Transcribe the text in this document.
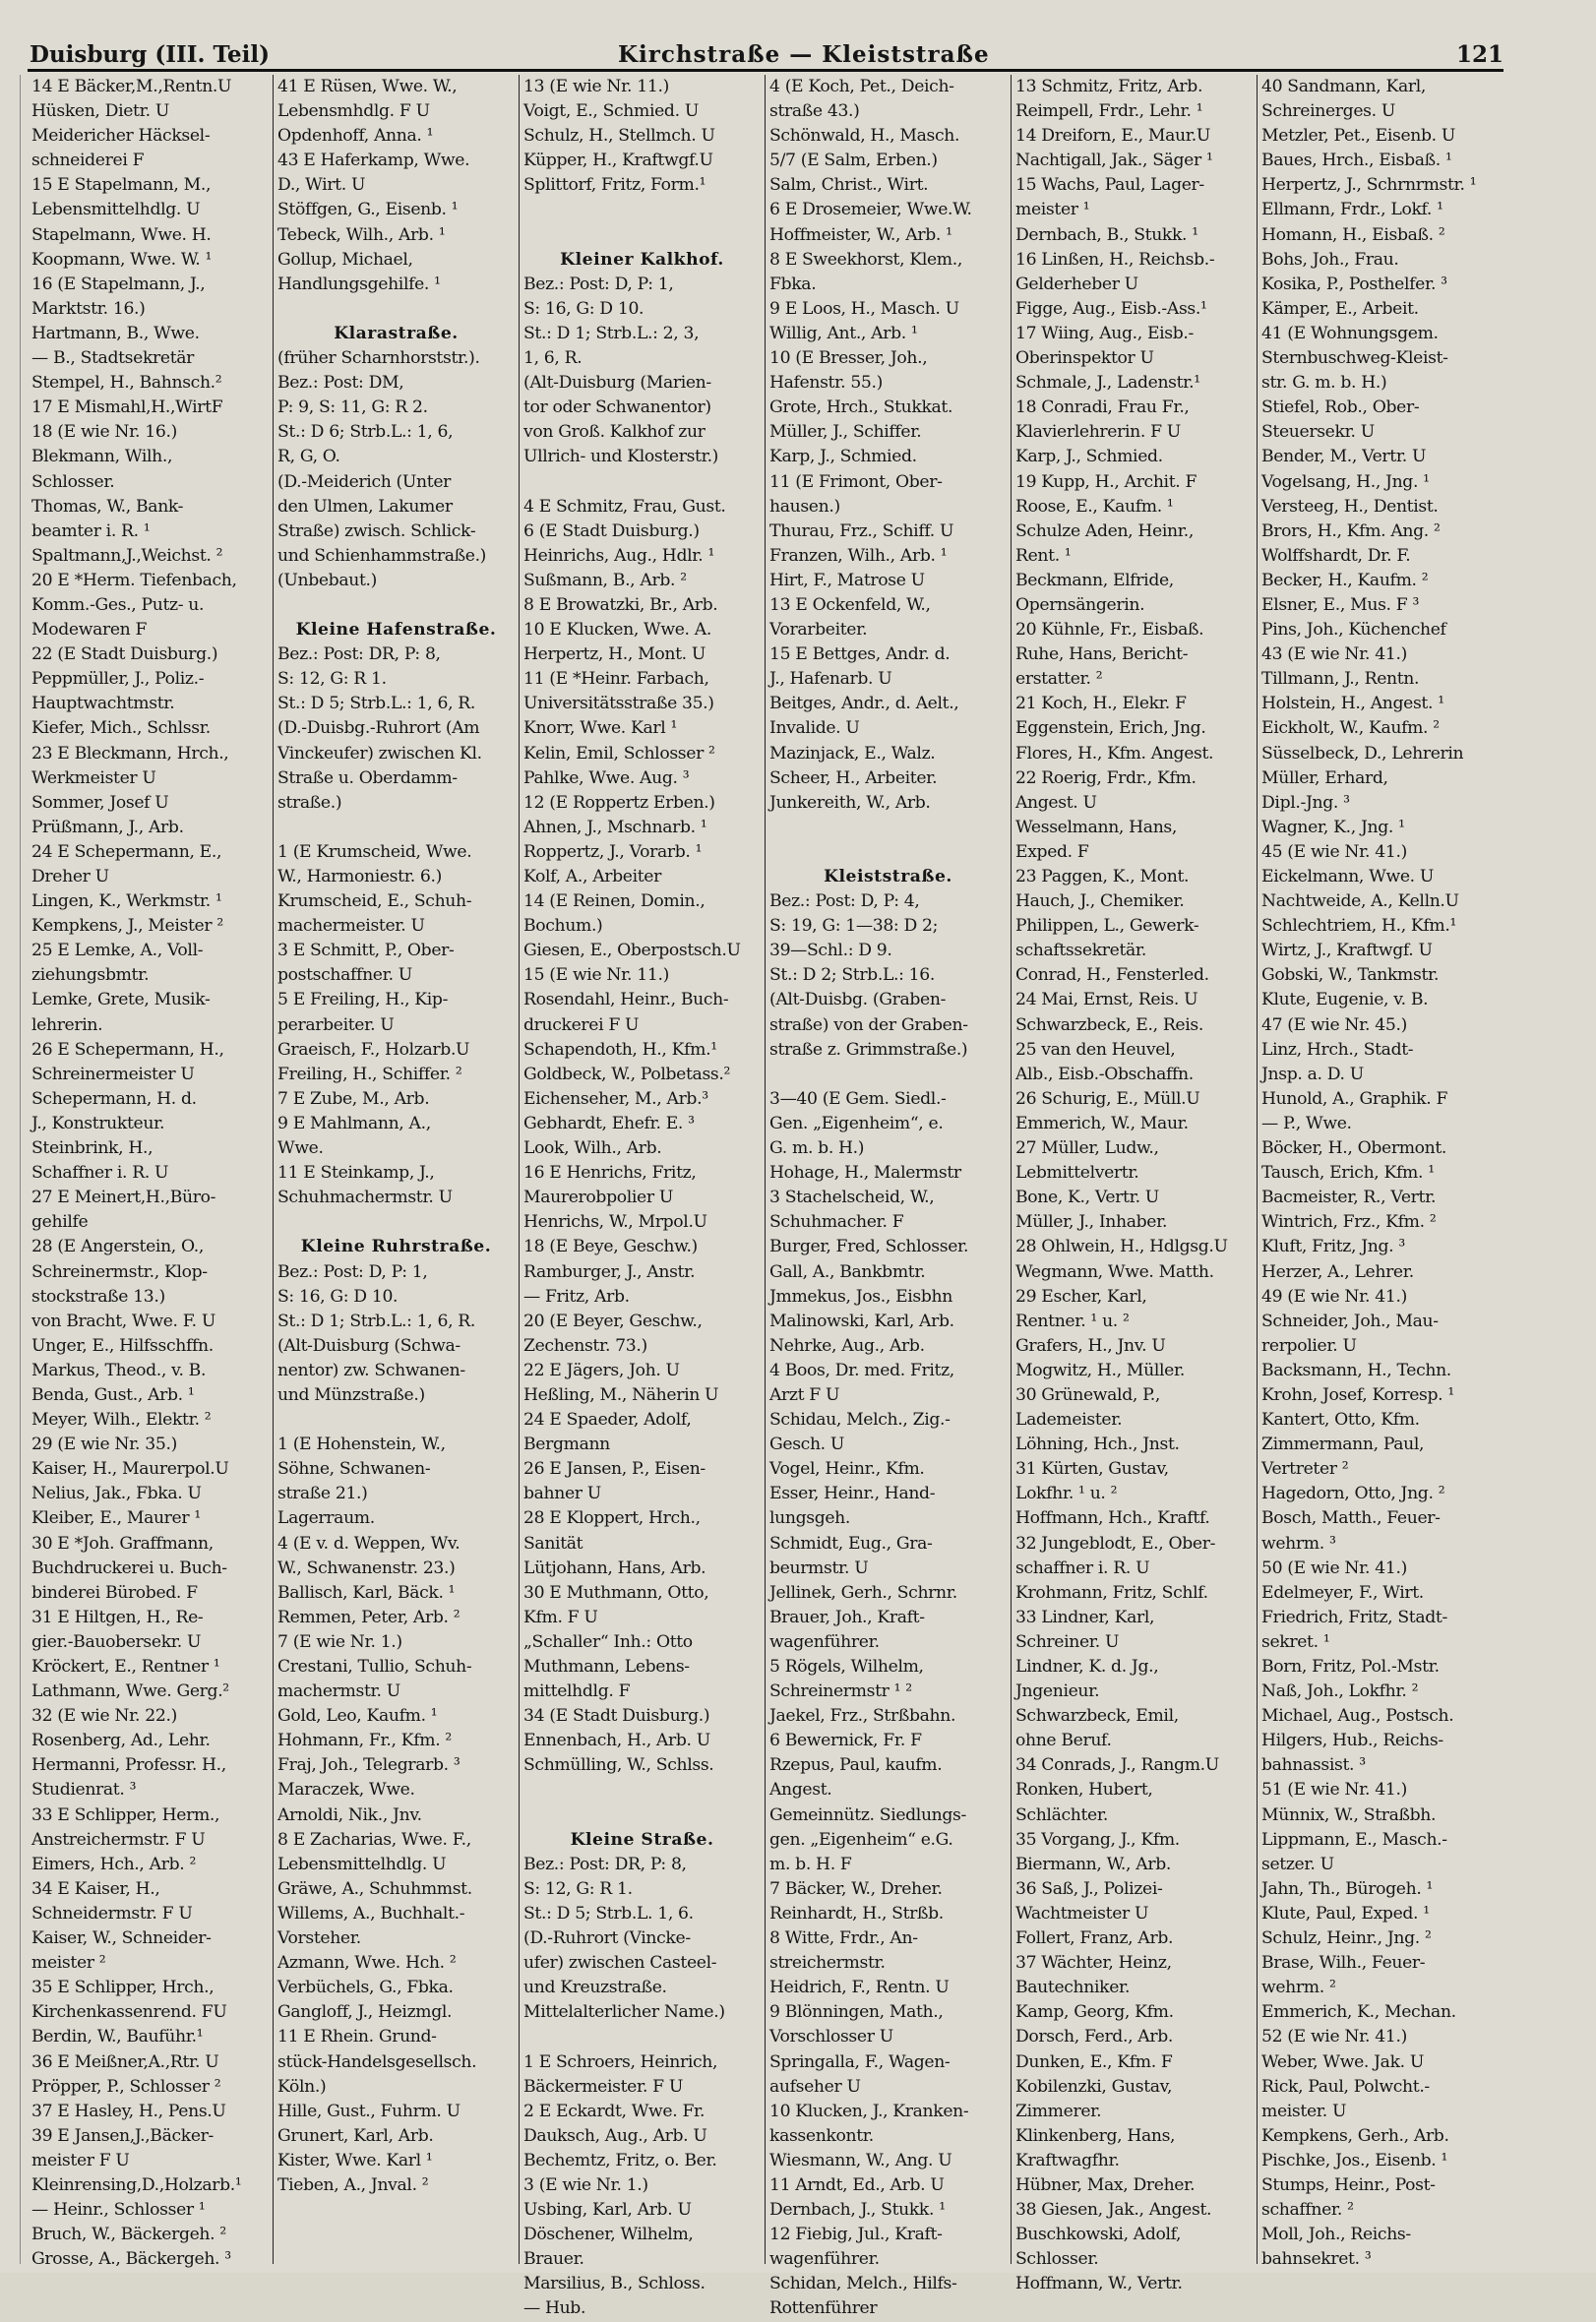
Duisburg (III. Teil)	Kirchstraße — Kleiststraße	121
14 E Bäcker,M.,Rentn.U
Hüsken, Dietr. U
Meidericher Häcksel-
schneiderei F
15 E Stapelmann, M.,
Lebensmittelhdlg. U
Stapelmann, Wwe. H.
Koopmann, Wwe. W. ¹
16 (E Stapelmann, J.,
Marktstr. 16.)
Hartmann, B., Wwe.
— B., Stadtsekretär
Stempel, H., Bahnsch.²
17 E Mismahl,H.,WirtF
18 (E wie Nr. 16.)
Blekmann, Wilh.,
Schlosser.
Thomas, W., Bank-
beamter i. R. ¹
Spaltmann,J.,Weichst. ²
20 E *Herm. Tiefenbach,
Komm.-Ges., Putz- u.
Modewaren F
22 (E Stadt Duisburg.)
Peppmüller, J., Poliz.-
Hauptwachtmstr.
Kiefer, Mich., Schlssr.
23 E Bleckmann, Hrch.,
Werkmeister U
Sommer, Josef U
Prüßmann, J., Arb.
24 E Schepermann, E.,
Dreher U
Lingen, K., Werkmstr. ¹
Kempkens, J., Meister ²
25 E Lemke, A., Voll-
ziehungsbmtr.
Lemke, Grete, Musik-
lehrerin.
26 E Schepermann, H.,
Schreinermeister U
Schepermann, H. d.
J., Konstrukteur.
Steinbrink, H.,
Schaffner i. R. U
27 E Meinert,H.,Büro-
gehilfe
28 (E Angerstein, O.,
Schreinermstr., Klop-
stockstraße 13.)
von Bracht, Wwe. F. U
Unger, E., Hilfsschffn.
Markus, Theod., v. B.
Benda, Gust., Arb. ¹
Meyer, Wilh., Elektr. ²
29 (E wie Nr. 35.)
Kaiser, H., Maurerpol.U
Nelius, Jak., Fbka. U
Kleiber, E., Maurer ¹
30 E *Joh. Graffmann,
Buchdruckerei u. Buch-
binderei Bürobed. F
31 E Hiltgen, H., Re-
gier.-Bauobersekr. U
Kröckert, E., Rentner ¹
Lathmann, Wwe. Gerg.²
32 (E wie Nr. 22.)
Rosenberg, Ad., Lehr.
Hermanni, Professr. H.,
Studienrat. ³
33 E Schlipper, Herm.,
Anstreichermstr. F U
Eimers, Hch., Arb. ²
34 E Kaiser, H.,
Schneidermstr. F U
Kaiser, W., Schneider-
meister ²
35 E Schlipper, Hrch.,
Kirchenkassenrend. FU
Berdin, W., Bauführ.¹
36 E Meißner,A.,Rtr. U
Pröpper, P., Schlosser ²
37 E Hasley, H., Pens.U
39 E Jansen,J.,Bäcker-
meister F U
Kleinrensing,D.,Holzarb.¹
— Heinr., Schlosser ¹
Bruch, W., Bäckergeh. ²
Grosse, A., Bäckergeh. ³
41 E Rüsen, Wwe. W.,
Lebensmhdlg. F U
Opdenhoff, Anna. ¹
43 E Haferkamp, Wwe.
D., Wirt. U
Stöffgen, G., Eisenb. ¹
Tebeck, Wilh., Arb. ¹
Gollup, Michael,
Handlungsgehilfe. ¹
Klarastraße.
(früher Scharnhorststr.).
Bez.: Post: DM,
P: 9, S: 11, G: R 2.
St.: D 6; Strb.L.: 1, 6,
R, G, O.
(D.-Meiderich (Unter
den Ulmen, Lakumer
Straße) zwisch. Schlick-
und Schienhammstraße.)
(Unbebaut.)
Kleine Hafenstraße.
Bez.: Post: DR, P: 8,
S: 12, G: R 1.
St.: D 5; Strb.L.: 1, 6, R.
(D.-Duisbg.-Ruhrort (Am
Vinckeufer) zwischen Kl.
Straße u. Oberdamm-
straße.)
1 (E Krumscheid, Wwe.
W., Harmoniestr. 6.)
Krumscheid, E., Schuh-
machermeister. U
3 E Schmitt, P., Ober-
postschaffner. U
5 E Freiling, H., Kip-
perarbeiter. U
Graeisch, F., Holzarb.U
Freiling, H., Schiffer. ²
7 E Zube, M., Arb.
9 E Mahlmann, A.,
Wwe.
11 E Steinkamp, J.,
Schuhmachermstr. U
Kleine Ruhrstraße.
Bez.: Post: D, P: 1,
S: 16, G: D 10.
St.: D 1; Strb.L.: 1, 6, R.
(Alt-Duisburg (Schwa-
nentor) zw. Schwanen-
und Münzstraße.)
1 (E Hohenstein, W.,
Söhne, Schwanen-
straße 21.)
Lagerraum.
4 (E v. d. Weppen, Wv.
W., Schwanenstr. 23.)
Ballisch, Karl, Bäck. ¹
Remmen, Peter, Arb. ²
7 (E wie Nr. 1.)
Crestani, Tullio, Schuh-
machermstr. U
Gold, Leo, Kaufm. ¹
Hohmann, Fr., Kfm. ²
Fraj, Joh., Telegrarb. ³
Maraczek, Wwe.
Arnoldi, Nik., Jnv.
8 E Zacharias, Wwe. F.,
Lebensmittelhdlg. U
Gräwe, A., Schuhmmst.
Willems, A., Buchhalt.-
Vorsteher.
Azmann, Wwe. Hch. ²
Verbüchels, G., Fbka.
Gangloff, J., Heizmgl.
11 E Rhein. Grund-
stück-Handelsgesellsch.
Köln.)
Hille, Gust., Fuhrm. U
Grunert, Karl, Arb.
Kister, Wwe. Karl ¹
Tieben, A., Jnval. ²
13 (E wie Nr. 11.)
Voigt, E., Schmied. U
Schulz, H., Stellmch. U
Küpper, H., Kraftwgf.U
Splittorf, Fritz, Form.¹
Kleiner Kalkhof.
Bez.: Post: D, P: 1,
S: 16, G: D 10.
St.: D 1; Strb.L.: 2, 3,
1, 6, R.
(Alt-Duisburg (Marien-
tor oder Schwanentor)
von Groß. Kalkhof zur
Ullrich- und Klosterstr.)
4 E Schmitz, Frau, Gust.
6 (E Stadt Duisburg.)
Heinrichs, Aug., Hdlr. ¹
Sußmann, B., Arb. ²
8 E Browatzki, Br., Arb.
10 E Klucken, Wwe. A.
Herpertz, H., Mont. U
11 (E *Heinr. Farbach,
Universitätsstraße 35.)
Knorr, Wwe. Karl ¹
Kelin, Emil, Schlosser ²
Pahlke, Wwe. Aug. ³
12 (E Roppertz Erben.)
Ahnen, J., Mschnarb. ¹
Roppertz, J., Vorarb. ¹
Kolf, A., Arbeiter
14 (E Reinen, Domin.,
Bochum.)
Giesen, E., Oberpostsch.U
15 (E wie Nr. 11.)
Rosendahl, Heinr., Buch-
druckerei F U
Schapendoth, H., Kfm.¹
Goldbeck, W., Polbetass.²
Eichenseher, M., Arb.³
Gebhardt, Ehefr. E. ³
Look, Wilh., Arb.
16 E Henrichs, Fritz,
Maurerobpolier U
Henrichs, W., Mrpol.U
18 (E Beye, Geschw.)
Ramburger, J., Anstr.
— Fritz, Arb.
20 (E Beyer, Geschw.,
Zechenstr. 73.)
22 E Jägers, Joh. U
Heßling, M., Näherin U
24 E Spaeder, Adolf,
Bergmann
26 E Jansen, P., Eisen-
bahner U
28 E Kloppert, Hrch.,
Sanität
Lütjohann, Hans, Arb.
30 E Muthmann, Otto,
Kfm. F U
„Schaller“ Inh.: Otto
Muthmann, Lebens-
mittelhdlg. F
34 (E Stadt Duisburg.)
Ennenbach, H., Arb. U
Schmülling, W., Schlss.
Kleine Straße.
Bez.: Post: DR, P: 8,
S: 12, G: R 1.
St.: D 5; Strb.L. 1, 6.
(D.-Ruhrort (Vincke-
ufer) zwischen Casteel-
und Kreuzstraße.
Mittelalterlicher Name.)
1 E Schroers, Heinrich,
Bäckermeister. F U
2 E Eckardt, Wwe. Fr.
Dauksch, Aug., Arb. U
Bechemtz, Fritz, o. Ber.
3 (E wie Nr. 1.)
Usbing, Karl, Arb. U
Döschener, Wilhelm,
Brauer.
Marsilius, B., Schloss.
— Hub.
4 (E Koch, Pet., Deich-
straße 43.)
Schönwald, H., Masch.
5/7 (E Salm, Erben.)
Salm, Christ., Wirt.
6 E Drosemeier, Wwe.W.
Hoffmeister, W., Arb. ¹
8 E Sweekhorst, Klem.,
Fbka.
9 E Loos, H., Masch. U
Willig, Ant., Arb. ¹
10 (E Bresser, Joh.,
Hafenstr. 55.)
Grote, Hrch., Stukkat.
Müller, J., Schiffer.
Karp, J., Schmied.
11 (E Frimont, Ober-
hausen.)
Thurau, Frz., Schiff. U
Franzen, Wilh., Arb. ¹
Hirt, F., Matrose U
13 E Ockenfeld, W.,
Vorarbeiter.
15 E Bettges, Andr. d.
J., Hafenarb. U
Beitges, Andr., d. Aelt.,
Invalide. U
Mazinjack, E., Walz.
Scheer, H., Arbeiter.
Junkereith, W., Arb.
Kleiststraße.
Bez.: Post: D, P: 4,
S: 19, G: 1—38: D 2;
39—Schl.: D 9.
St.: D 2; Strb.L.: 16.
(Alt-Duisbg. (Graben-
straße) von der Graben-
straße z. Grimmstraße.)
3—40 (E Gem. Siedl.-
Gen. „Eigenheim“, e.
G. m. b. H.)
Hohage, H., Malermstr
3 Stachelscheid, W.,
Schuhmacher. F
Burger, Fred, Schlosser.
Gall, A., Bankbmtr.
Jmmekus, Jos., Eisbhn
Malinowski, Karl, Arb.
Nehrke, Aug., Arb.
4 Boos, Dr. med. Fritz,
Arzt F U
Schidau, Melch., Zig.-
Gesch. U
Vogel, Heinr., Kfm.
Esser, Heinr., Hand-
lungsgeh.
Schmidt, Eug., Gra-
beurmstr. U
Jellinek, Gerh., Schrnr.
Brauer, Joh., Kraft-
wagenführer.
5 Rögels, Wilhelm,
Schreinermstr ¹ ²
Jaekel, Frz., Strßbahn.
6 Bewernick, Fr. F
Rzepus, Paul, kaufm.
Angest.
Gemeinnütz. Siedlungs-
gen. „Eigenheim“ e.G.
m. b. H. F
7 Bäcker, W., Dreher.
Reinhardt, H., Strßb.
8 Witte, Frdr., An-
streichermstr.
Heidrich, F., Rentn. U
9 Blönningen, Math.,
Vorschlosser U
Springalla, F., Wagen-
aufseher U
10 Klucken, J., Kranken-
kassenkontr.
Wiesmann, W., Ang. U
11 Arndt, Ed., Arb. U
Dernbach, J., Stukk. ¹
12 Fiebig, Jul., Kraft-
wagenführer.
Schidan, Melch., Hilfs-
Rottenführer
13 Schmitz, Fritz, Arb.
Reimpell, Frdr., Lehr. ¹
14 Dreiforn, E., Maur.U
Nachtigall, Jak., Säger ¹
15 Wachs, Paul, Lager-
meister ¹
Dernbach, B., Stukk. ¹
16 Linßen, H., Reichsb.-
Gelderheber U
Figge, Aug., Eisb.-Ass.¹
17 Wiing, Aug., Eisb.-
Oberinspektor U
Schmale, J., Ladenstr.¹
18 Conradi, Frau Fr.,
Klavierlehrerin. F U
Karp, J., Schmied.
19 Kupp, H., Archit. F
Roose, E., Kaufm. ¹
Schulze Aden, Heinr.,
Rent. ¹
Beckmann, Elfride,
Opernsängerin.
20 Kühnle, Fr., Eisbaß.
Ruhe, Hans, Bericht-
erstatter. ²
21 Koch, H., Elekr. F
Eggenstein, Erich, Jng.
Flores, H., Kfm. Angest.
22 Roerig, Frdr., Kfm.
Angest. U
Wesselmann, Hans,
Exped. F
23 Paggen, K., Mont.
Hauch, J., Chemiker.
Philippen, L., Gewerk-
schaftssekretär.
Conrad, H., Fensterled.
24 Mai, Ernst, Reis. U
Schwarzbeck, E., Reis.
25 van den Heuvel,
Alb., Eisb.-Obschaffn.
26 Schurig, E., Müll.U
Emmerich, W., Maur.
27 Müller, Ludw.,
Lebmittelvertr.
Bone, K., Vertr. U
Müller, J., Inhaber.
28 Ohlwein, H., Hdlgsg.U
Wegmann, Wwe. Matth.
29 Escher, Karl,
Rentner. ¹ u. ²
Grafers, H., Jnv. U
Mogwitz, H., Müller.
30 Grünewald, P.,
Lademeister.
Löhning, Hch., Jnst.
31 Kürten, Gustav,
Lokfhr. ¹ u. ²
Hoffmann, Hch., Kraftf.
32 Jungeblodt, E., Ober-
schaffner i. R. U
Krohmann, Fritz, Schlf.
33 Lindner, Karl,
Schreiner. U
Lindner, K. d. Jg.,
Jngenieur.
Schwarzbeck, Emil,
ohne Beruf.
34 Conrads, J., Rangm.U
Ronken, Hubert,
Schlächter.
35 Vorgang, J., Kfm.
Biermann, W., Arb.
36 Saß, J., Polizei-
Wachtmeister U
Follert, Franz, Arb.
37 Wächter, Heinz,
Bautechniker.
Kamp, Georg, Kfm.
Dorsch, Ferd., Arb.
Dunken, E., Kfm. F
Kobilenzki, Gustav,
Zimmerer.
Klinkenberg, Hans,
Kraftwagfhr.
Hübner, Max, Dreher.
38 Giesen, Jak., Angest.
Buschkowski, Adolf,
Schlosser.
Hoffmann, W., Vertr.
40 Sandmann, Karl,
Schreinerges. U
Metzler, Pet., Eisenb. U
Baues, Hrch., Eisbaß. ¹
Herpertz, J., Schrnrmstr. ¹
Ellmann, Frdr., Lokf. ¹
Homann, H., Eisbaß. ²
Bohs, Joh., Frau.
Kosika, P., Posthelfer. ³
Kämper, E., Arbeit.
41 (E Wohnungsgem.
Sternbuschweg-Kleist-
str. G. m. b. H.)
Stiefel, Rob., Ober-
Steuersekr. U
Bender, M., Vertr. U
Vogelsang, H., Jng. ¹
Versteeg, H., Dentist.
Brors, H., Kfm. Ang. ²
Wolffshardt, Dr. F.
Becker, H., Kaufm. ²
Elsner, E., Mus. F ³
Pins, Joh., Küchenchef
43 (E wie Nr. 41.)
Tillmann, J., Rentn.
Holstein, H., Angest. ¹
Eickholt, W., Kaufm. ²
Süsselbeck, D., Lehrerin
Müller, Erhard,
Dipl.-Jng. ³
Wagner, K., Jng. ¹
45 (E wie Nr. 41.)
Eickelmann, Wwe. U
Nachtweide, A., Kelln.U
Schlechtriem, H., Kfm.¹
Wirtz, J., Kraftwgf. U
Gobski, W., Tankmstr.
Klute, Eugenie, v. B.
47 (E wie Nr. 45.)
Linz, Hrch., Stadt-
Jnsp. a. D. U
Hunold, A., Graphik. F
— P., Wwe.
Böcker, H., Obermont.
Tausch, Erich, Kfm. ¹
Bacmeister, R., Vertr.
Wintrich, Frz., Kfm. ²
Kluft, Fritz, Jng. ³
Herzer, A., Lehrer.
49 (E wie Nr. 41.)
Schneider, Joh., Mau-
rerpolier. U
Backsmann, H., Techn.
Krohn, Josef, Korresp. ¹
Kantert, Otto, Kfm.
Zimmermann, Paul,
Vertreter ²
Hagedorn, Otto, Jng. ²
Bosch, Matth., Feuer-
wehrm. ³
50 (E wie Nr. 41.)
Edelmeyer, F., Wirt.
Friedrich, Fritz, Stadt-
sekret. ¹
Born, Fritz, Pol.-Mstr.
Naß, Joh., Lokfhr. ²
Michael, Aug., Postsch.
Hilgers, Hub., Reichs-
bahnassist. ³
51 (E wie Nr. 41.)
Münnix, W., Straßbh.
Lippmann, E., Masch.-
setzer. U
Jahn, Th., Bürogeh. ¹
Klute, Paul, Exped. ¹
Schulz, Heinr., Jng. ²
Brase, Wilh., Feuer-
wehrm. ²
Emmerich, K., Mechan.
52 (E wie Nr. 41.)
Weber, Wwe. Jak. U
Rick, Paul, Polwcht.-
meister. U
Kempkens, Gerh., Arb.
Pischke, Jos., Eisenb. ¹
Stumps, Heinr., Post-
schaffner. ²
Moll, Joh., Reichs-
bahnsekret. ³
